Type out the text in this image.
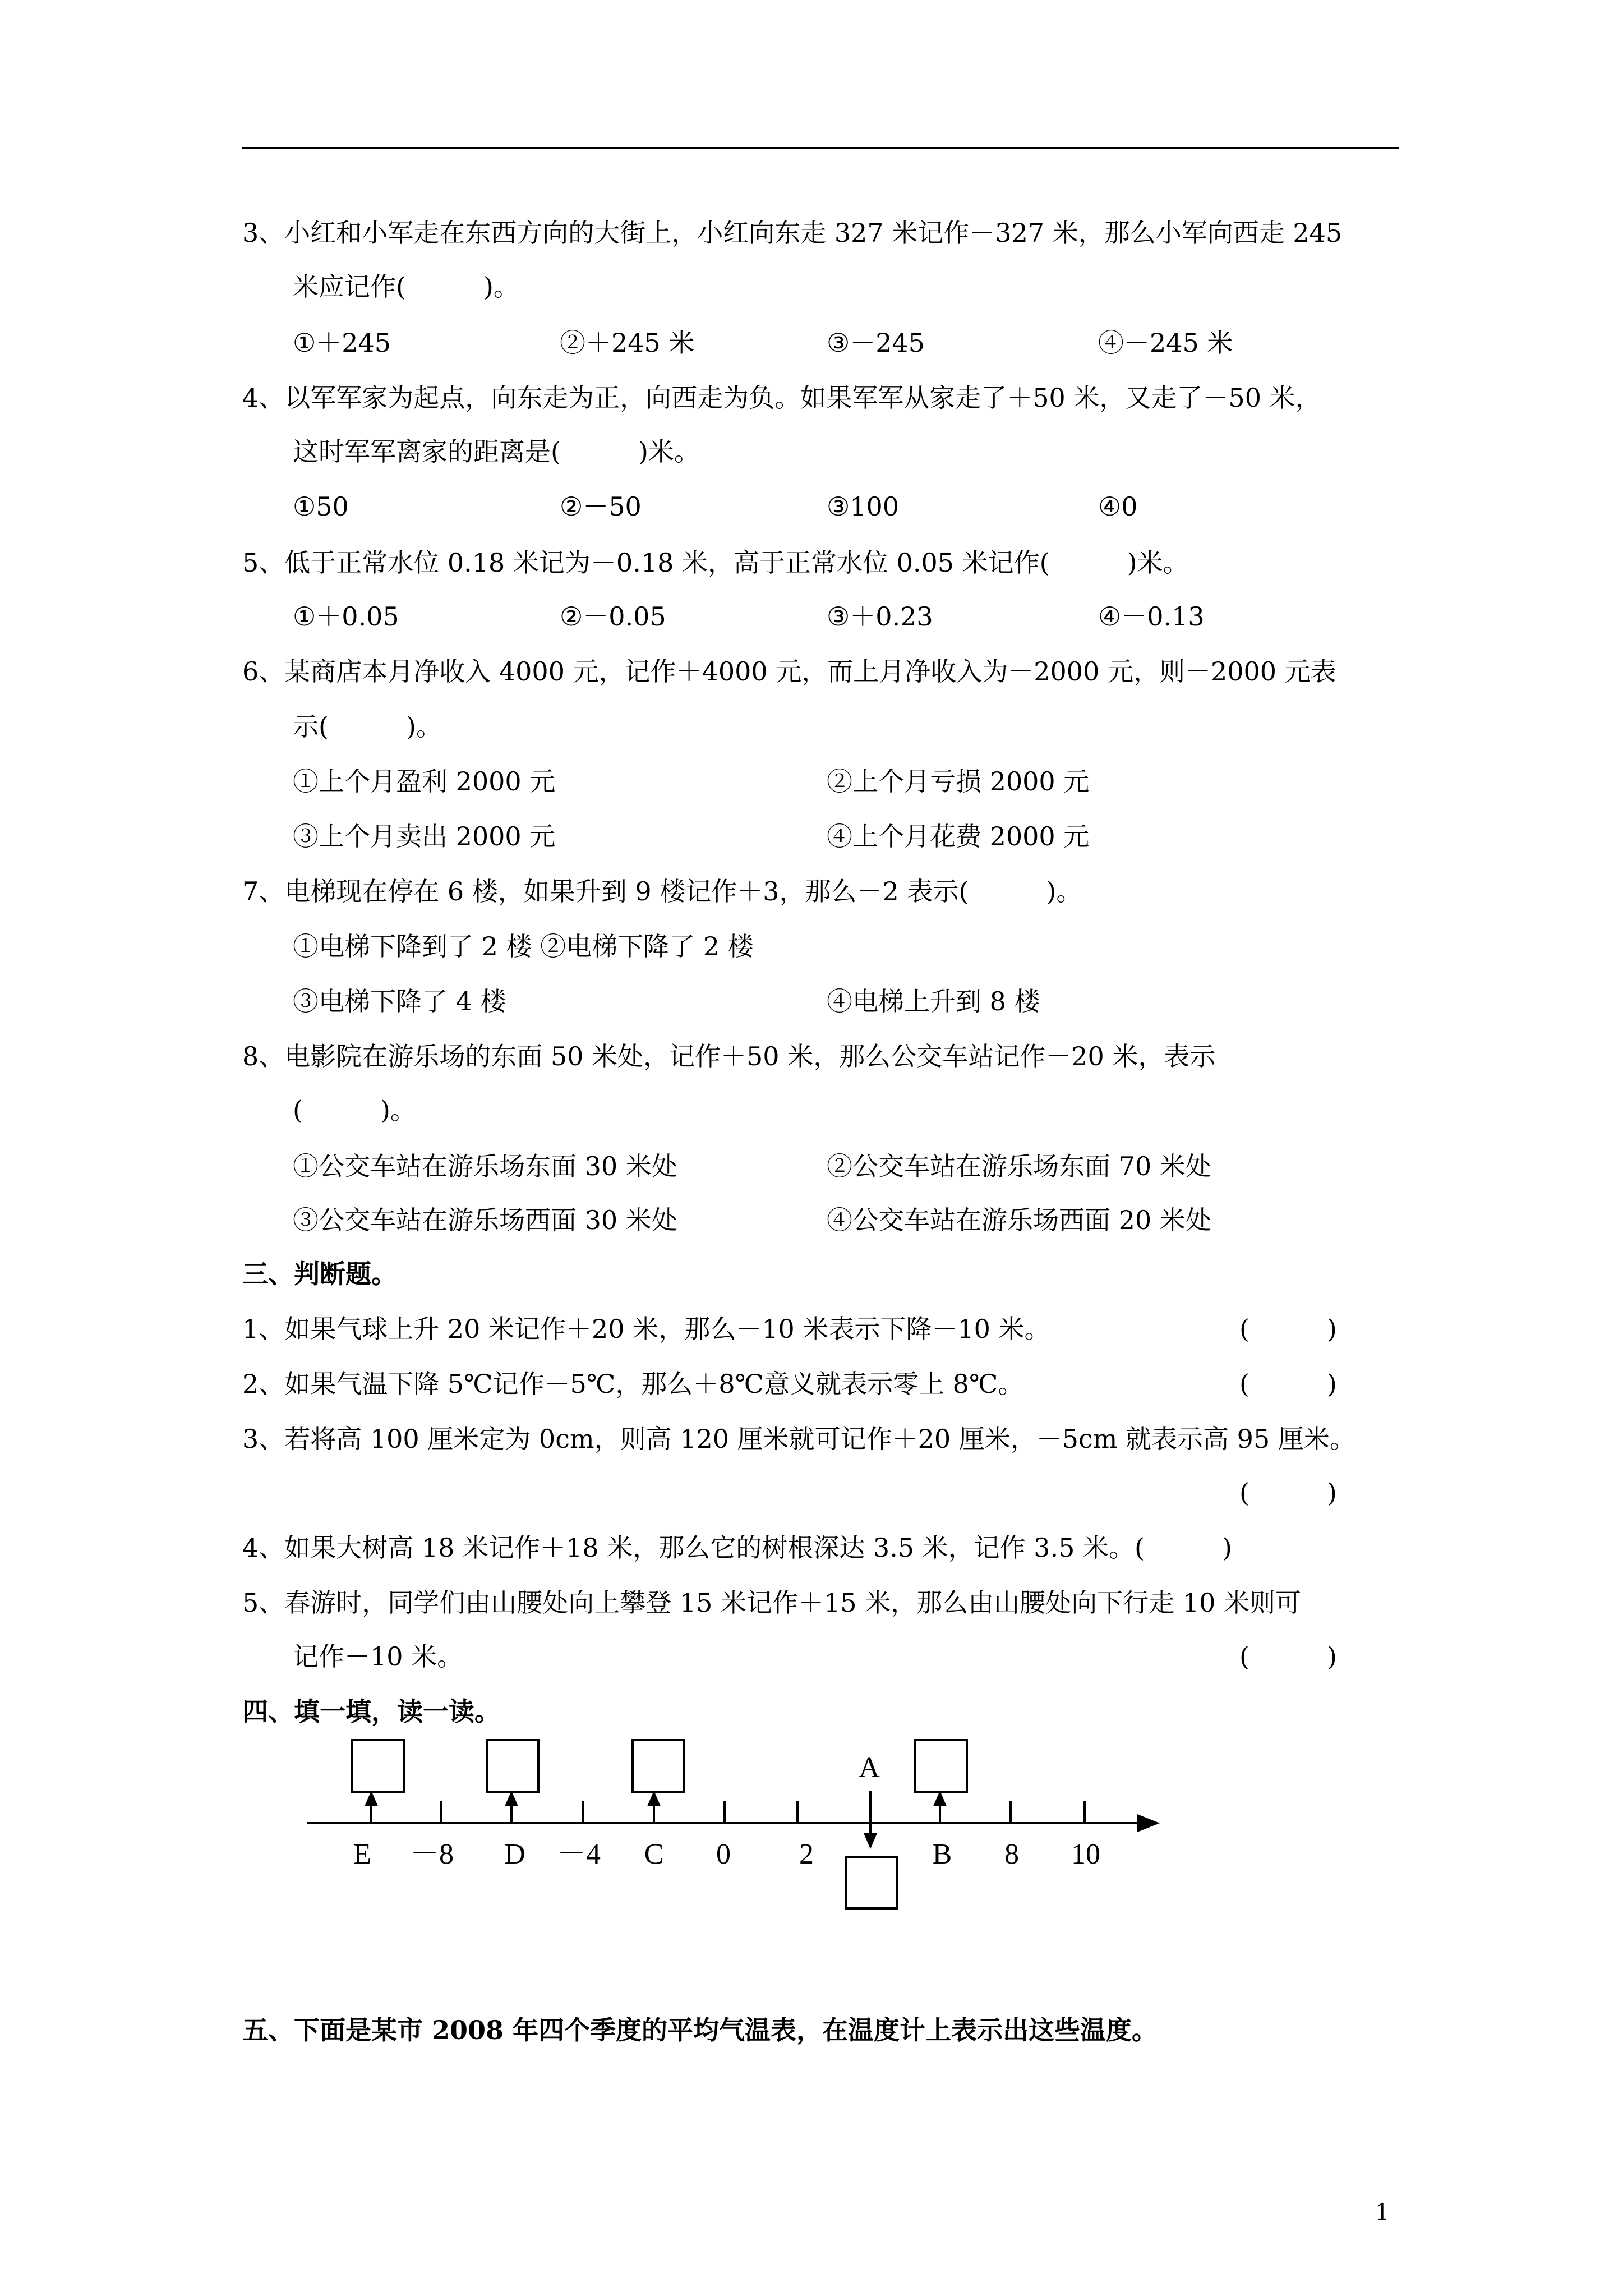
3、小红和小军走在东西方向的大街上，小红向东走 327 米记作－327 米，那么小军向西走 245
米应记作(　　　)。
①＋245	②＋245 米	③－245	④－245 米
4、以军军家为起点，向东走为正，向西走为负。如果军军从家走了＋50 米，又走了－50 米，
这时军军离家的距离是(　　　)米。
①50	②－50	③100	④0
5、低于正常水位 0.18 米记为－0.18 米，高于正常水位 0.05 米记作(　　　)米。
①＋0.05	②－0.05	③＋0.23	④－0.13
6、某商店本月净收入 4000 元，记作＋4000 元，而上月净收入为－2000 元，则－2000 元表
示(　　　)。
①上个月盈利 2000 元	②上个月亏损 2000 元
③上个月卖出 2000 元	④上个月花费 2000 元
7、电梯现在停在 6 楼，如果升到 9 楼记作＋3，那么－2 表示(　　　)。
①电梯下降到了 2 楼 ②电梯下降了 2 楼
③电梯下降了 4 楼	④电梯上升到 8 楼
8、电影院在游乐场的东面 50 米处，记作＋50 米，那么公交车站记作－20 米，表示
(　　　)。
①公交车站在游乐场东面 30 米处	②公交车站在游乐场东面 70 米处
③公交车站在游乐场西面 30 米处	④公交车站在游乐场西面 20 米处
三、判断题。
1、如果气球上升 20 米记作＋20 米，那么－10 米表示下降－10 米。	(　　　)
2、如果气温下降 5℃记作－5℃，那么＋8℃意义就表示零上 8℃。	(　　　)
3、若将高 100 厘米定为 0cm，则高 120 厘米就可记作＋20 厘米，－5cm 就表示高 95 厘米。
(　　　)
4、如果大树高 18 米记作＋18 米，那么它的树根深达 3.5 米，记作 3.5 米。(　　　)
5、春游时，同学们由山腰处向上攀登 15 米记作＋15 米，那么由山腰处向下行走 10 米则可
记作－10 米。	(　　　)
四、填一填，读一读。
A
E －8 D －4 C 0 2	B 8 10
五、下面是某市 2008 年四个季度的平均气温表，在温度计上表示出这些温度。
1
